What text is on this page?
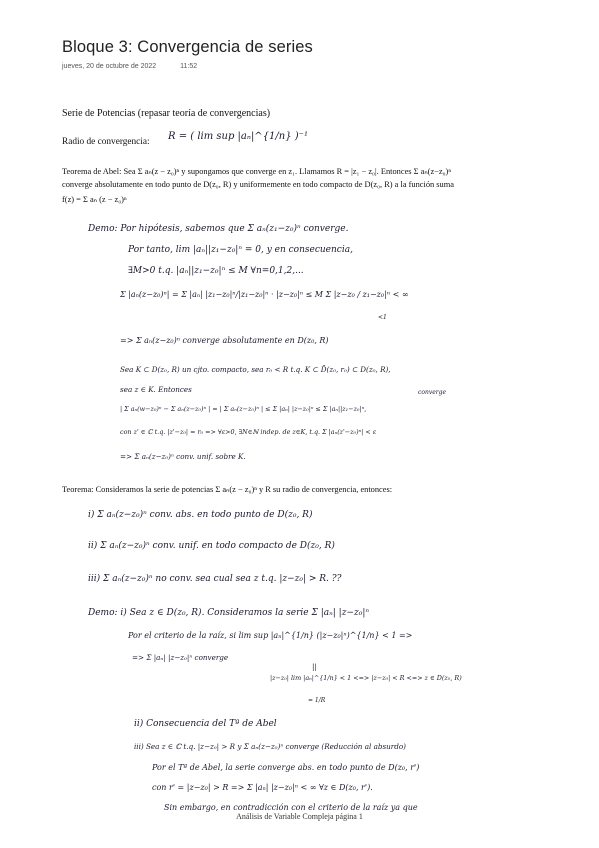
Bloque 3: Convergencia de series
jueves, 20 de octubre de 2022	11:52
Serie de Potencias (repasar teoría de convergencias)
Radio de convergencia: R = ( lim sup |aₙ|^{1/n} )⁻¹
Teorema de Abel: Sea Σ aₙ(z − z₀)ⁿ y supongamos que converge en z₁. Llamamos R = |z₁ − z₀|. Entonces Σ aₙ(z−z₀)ⁿ
converge absolutamente en todo punto de D(z₀, R) y uniformemente en todo compacto de D(z₀, R) a la función suma
f(z) = Σ aₙ (z − z₀)ⁿ
Demo: Por hipótesis, sabemos que Σ aₙ(z₁−z₀)ⁿ converge.
Por tanto, lim |aₙ||z₁−z₀|ⁿ = 0, y en consecuencia,
∃M>0 t.q. |aₙ||z₁−z₀|ⁿ ≤ M ∀n=0,1,2,...
Σ |aₙ(z−z₀)ⁿ| = Σ |aₙ| |z₁−z₀|ⁿ/|z₁−z₀|ⁿ · |z−z₀|ⁿ ≤ M Σ |z−z₀ / z₁−z₀|ⁿ < ∞
<1
=> Σ aₙ(z−z₀)ⁿ converge absolutamente en D(z₀, R)
Sea K ⊂ D(z₀, R) un cjto. compacto, sea r₀ < R t.q. K ⊂ D̄(z₀, r₀) ⊂ D(z₀, R),
sea z ∈ K. Entonces	converge
| Σ aₙ(w−z₀)ⁿ − Σ aₙ(z−z₀)ⁿ | = | Σ aₙ(z−z₀)ⁿ | ≤ Σ |aₙ| |z−z₀|ⁿ ≤ Σ |aₙ||z₁−z₀|ⁿ,
con z' ∈ ℂ t.q. |z'−z₀| = r₀ => ∀ε>0, ∃N∈ℕ indep. de z∈K, t.q. Σ |aₙ(z'−z₀)ⁿ| < ε
=> Σ aₙ(z−z₀)ⁿ conv. unif. sobre K.
Teorema: Consideramos la serie de potencias Σ aₙ(z − z₀)ⁿ y R su radio de convergencia, entonces:
i) Σ aₙ(z−z₀)ⁿ conv. abs. en todo punto de D(z₀, R)
ii) Σ aₙ(z−z₀)ⁿ conv. unif. en todo compacto de D(z₀, R)
iii) Σ aₙ(z−z₀)ⁿ no conv. sea cual sea z t.q. |z−z₀| > R. ??
Demo: i) Sea z ∈ D(z₀, R). Consideramos la serie Σ |aₙ| |z−z₀|ⁿ
Por el criterio de la raíz, si lim sup |aₙ|^{1/n} (|z−z₀|ⁿ)^{1/n} < 1 =>
=> Σ |aₙ| |z−z₀|ⁿ converge
||
|z−z₀| lim |aₙ|^{1/n} < 1 <=> |z−z₀| < R <=> z ∈ D(z₀, R)
= 1/R
ii) Consecuencia del Tª de Abel
iii) Sea z ∈ ℂ t.q. |z−z₀| > R y Σ aₙ(z−z₀)ⁿ converge (Reducción al absurdo)
Por el Tª de Abel, la serie converge abs. en todo punto de D(z₀, r')
con r' = |z−z₀| > R => Σ |aₙ| |z−z₀|ⁿ < ∞ ∀z ∈ D(z₀, r').
Sin embargo, en contradicción con el criterio de la raíz ya que
Análisis de Variable Compleja página 1
